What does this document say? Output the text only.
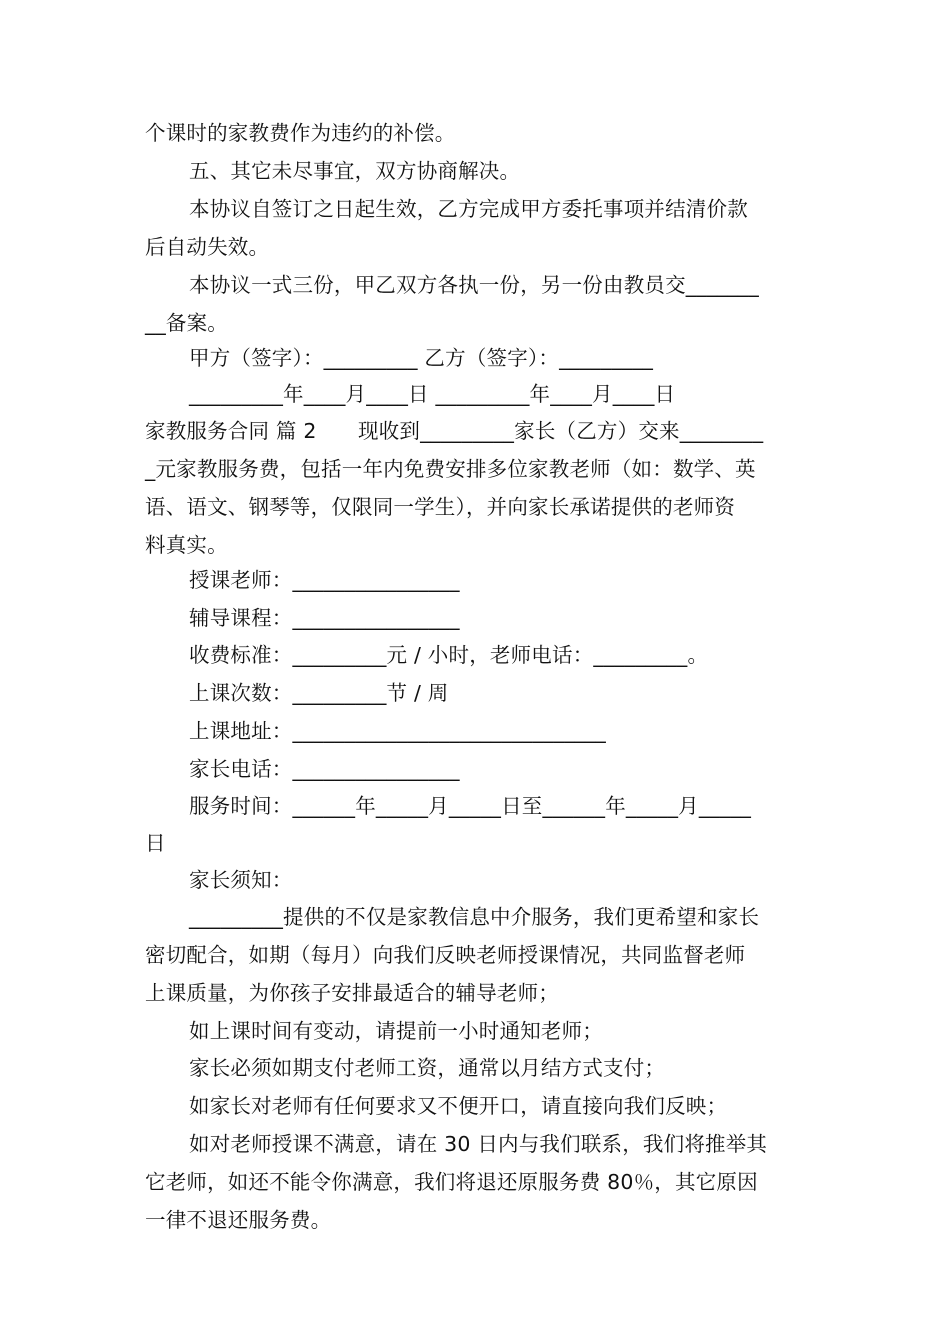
个课时的家教费作为违约的补偿。
五、其它未尽事宜，双方协商解决。
本协议自签订之日起生效，乙方完成甲方委托事项并结清价款
后自动失效。
本协议一式三份，甲乙双方各执一份，另一份由教员交_______
__备案。
甲方（签字）：_________ 乙方（签字）：_________
_________年____月____日 _________年____月____日
家教服务合同 篇 2　　现收到_________家长（乙方）交来________
_元家教服务费，包括一年内免费安排多位家教老师（如：数学、英
语、语文、钢琴等，仅限同一学生），并向家长承诺提供的老师资
料真实。
授课老师：________________
辅导课程：________________
收费标准：_________元 / 小时，老师电话：_________。
上课次数：_________节 / 周
上课地址：______________________________
家长电话：________________
服务时间：______年_____月_____日至______年_____月_____
日
家长须知：
_________提供的不仅是家教信息中介服务，我们更希望和家长
密切配合，如期（每月）向我们反映老师授课情况，共同监督老师
上课质量，为你孩子安排最适合的辅导老师；
如上课时间有变动，请提前一小时通知老师；
家长必须如期支付老师工资，通常以月结方式支付；
如家长对老师有任何要求又不便开口，请直接向我们反映；
如对老师授课不满意，请在 30 日内与我们联系，我们将推举其
它老师，如还不能令你满意，我们将退还原服务费 80％，其它原因
一律不退还服务费。
